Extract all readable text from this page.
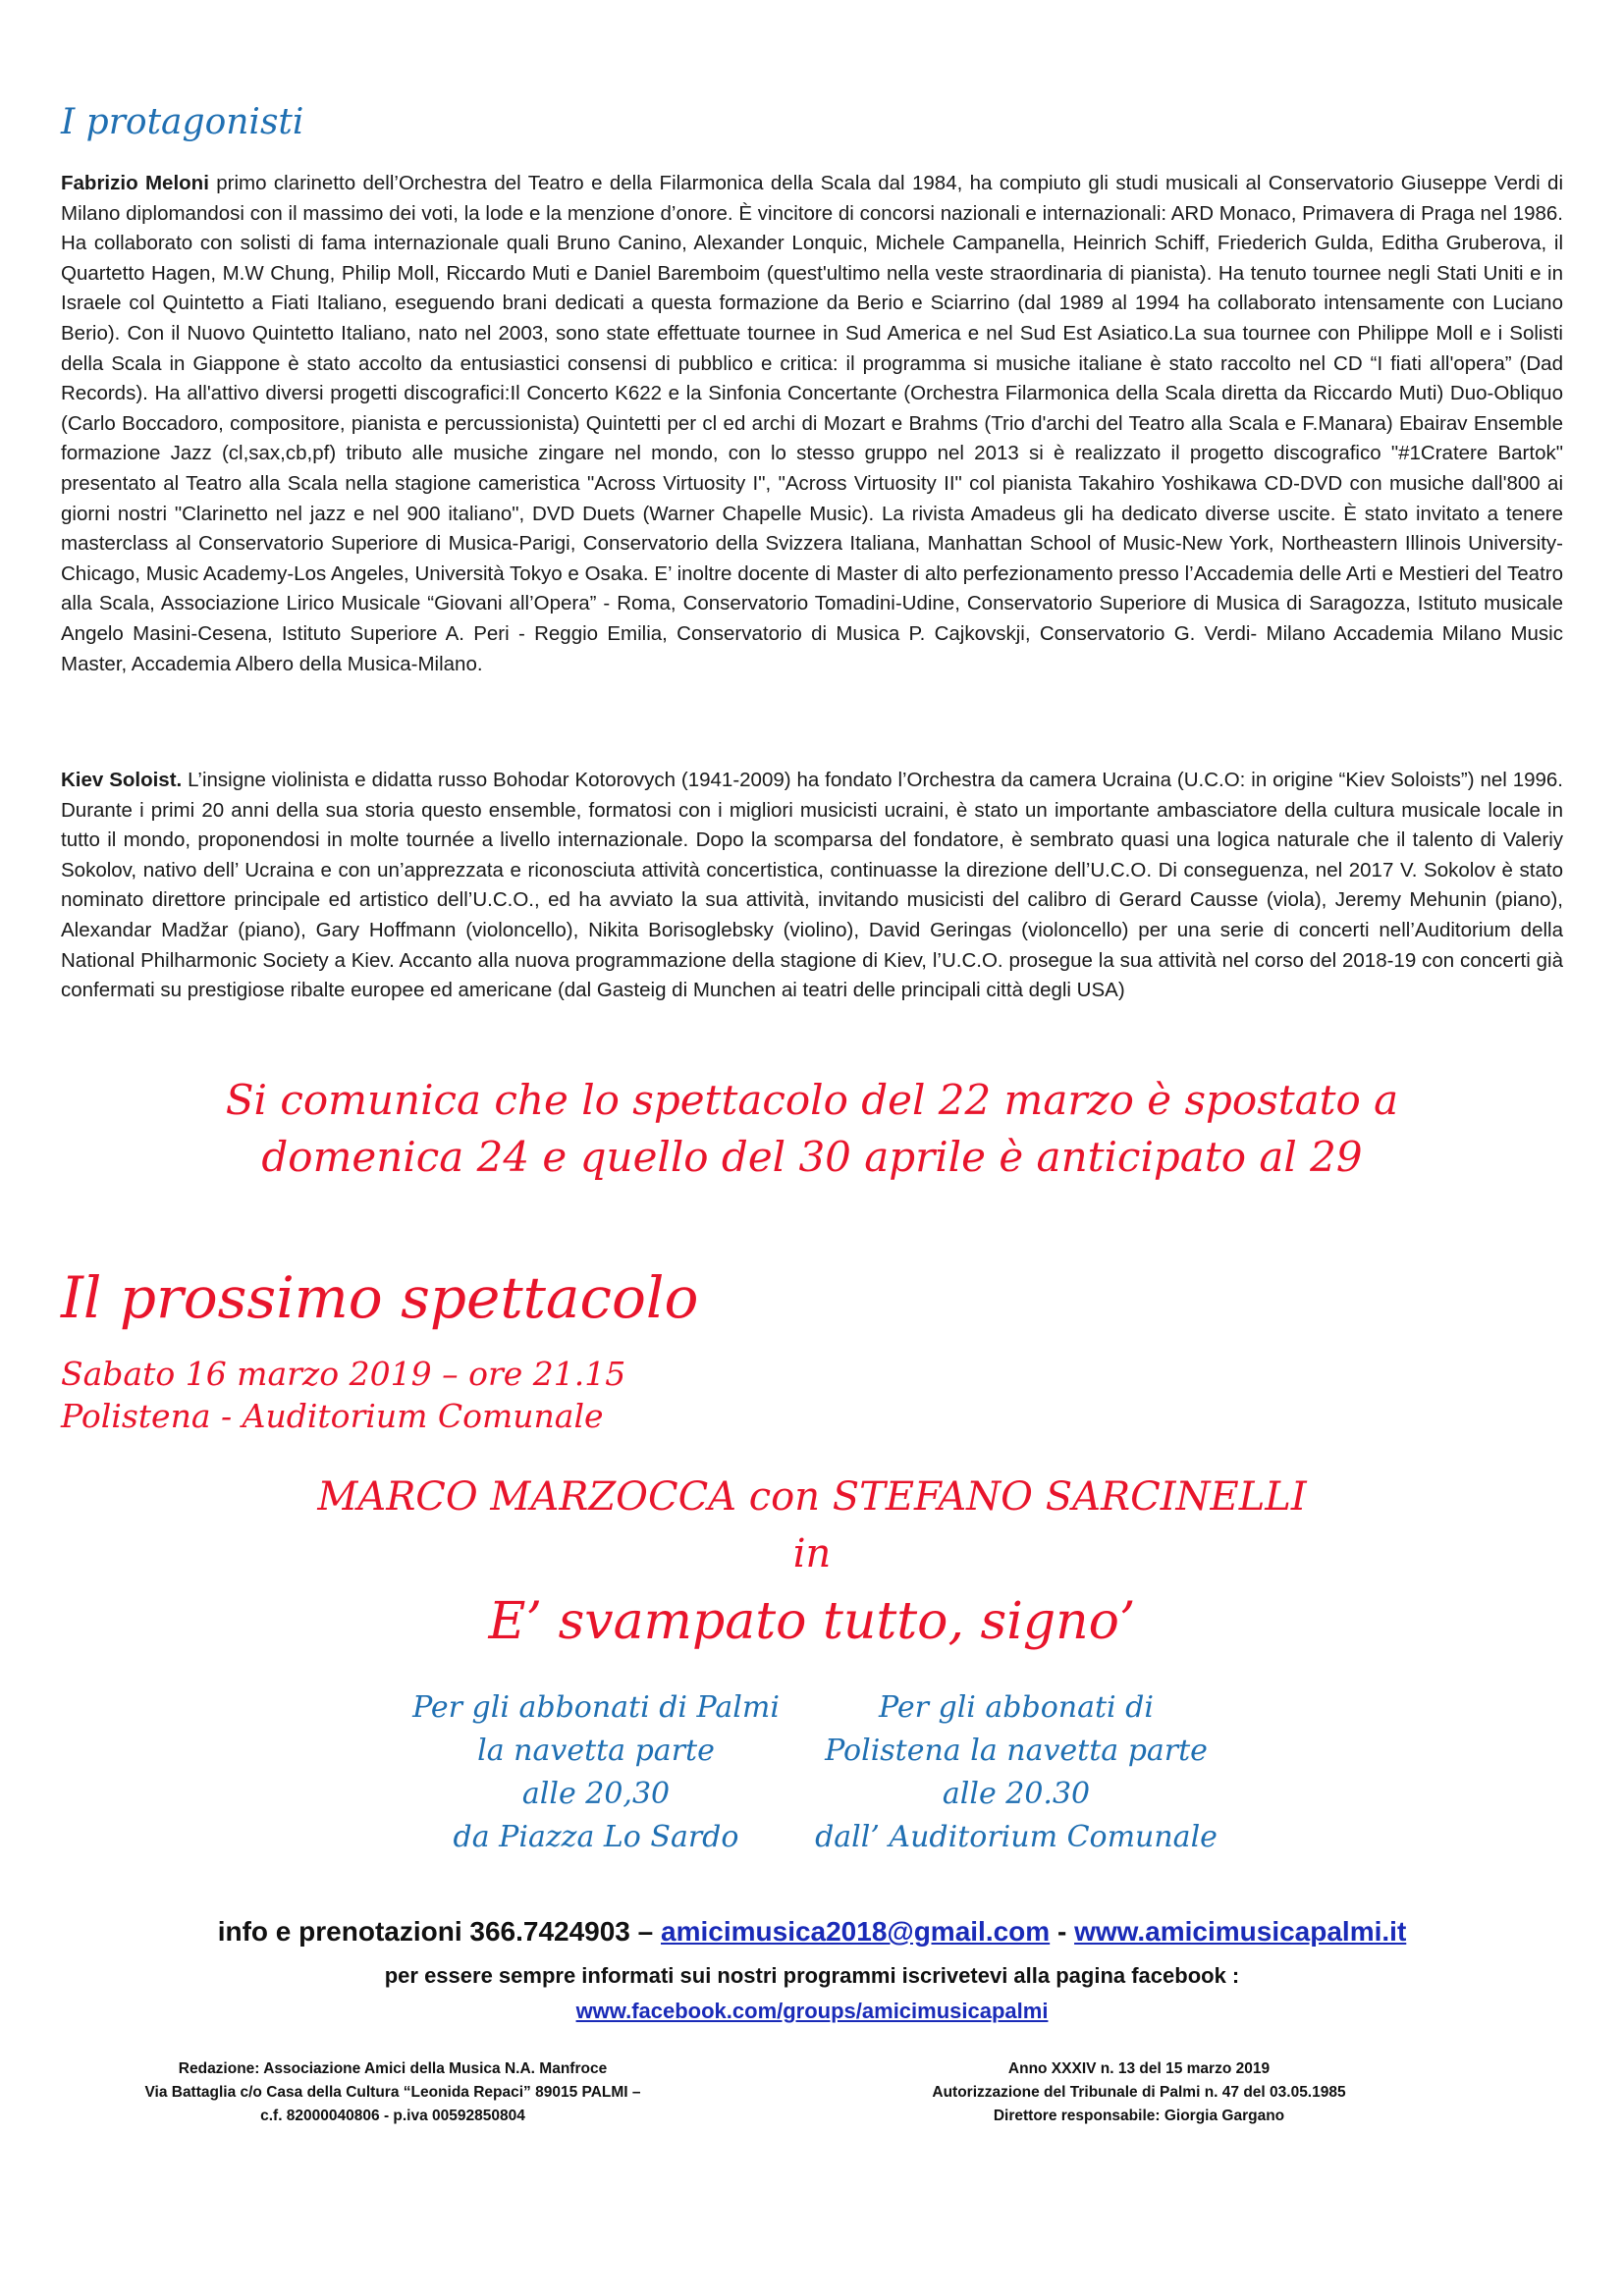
I protagonisti

Fabrizio Meloni primo clarinetto dell’Orchestra del Teatro e della Filarmonica della Scala dal 1984, ha compiuto gli studi musicali al Conservatorio Giuseppe Verdi di Milano diplomandosi con il massimo dei voti, la lode e la menzione d’onore. È vincitore di concorsi nazionali e internazionali: ARD Monaco, Primavera di Praga nel 1986. Ha collaborato con solisti di fama internazionale quali Bruno Canino, Alexander Lonquic, Michele Campanella, Heinrich Schiff, Friederich Gulda, Editha Gruberova, il Quartetto Hagen, M.W Chung, Philip Moll, Riccardo Muti e Daniel Baremboim (quest'ultimo nella veste straordinaria di pianista). Ha tenuto tournee negli Stati Uniti e in Israele col Quintetto a Fiati Italiano, eseguendo brani dedicati a questa formazione da Berio e Sciarrino (dal 1989 al 1994 ha collaborato intensamente con Luciano Berio). Con il Nuovo Quintetto Italiano, nato nel 2003, sono state effettuate tournee in Sud America e nel Sud Est Asiatico.La sua tournee con Philippe Moll e i Solisti della Scala in Giappone è stato accolto da entusiastici consensi di pubblico e critica: il programma si musiche italiane è stato raccolto nel CD “I fiati all'opera” (Dad Records). Ha all'attivo diversi progetti discografici:Il Concerto K622 e la Sinfonia Concertante (Orchestra Filarmonica della Scala diretta da Riccardo Muti) Duo-Obliquo (Carlo Boccadoro, compositore, pianista e percussionista) Quintetti per cl ed archi di Mozart e Brahms (Trio d'archi del Teatro alla Scala e F.Manara) Ebairav Ensemble formazione Jazz (cl,sax,cb,pf) tributo alle musiche zingare nel mondo, con lo stesso gruppo nel 2013 si è realizzato il progetto discografico "#1Cratere Bartok" presentato al Teatro alla Scala nella stagione cameristica "Across Virtuosity I", "Across Virtuosity II" col pianista Takahiro Yoshikawa CD-DVD con musiche dall'800 ai giorni nostri "Clarinetto nel jazz e nel 900 italiano", DVD Duets (Warner Chapelle Music). La rivista Amadeus gli ha dedicato diverse uscite. È stato invitato a tenere masterclass al Conservatorio Superiore di Musica-Parigi, Conservatorio della Svizzera Italiana, Manhattan School of Music-New York, Northeastern Illinois University-Chicago, Music Academy-Los Angeles, Università Tokyo e Osaka. E’ inoltre docente di Master di alto perfezionamento presso l’Accademia delle Arti e Mestieri del Teatro alla Scala, Associazione Lirico Musicale “Giovani all’Opera” - Roma, Conservatorio Tomadini-Udine, Conservatorio Superiore di Musica di Saragozza, Istituto musicale Angelo Masini-Cesena, Istituto Superiore A. Peri - Reggio Emilia, Conservatorio di Musica P. Cajkovskji, Conservatorio G. Verdi- Milano Accademia Milano Music Master, Accademia Albero della Musica-Milano.

Kiev Soloist. L’insigne violinista e didatta russo Bohodar Kotorovych (1941-2009) ha fondato l’Orchestra da camera Ucraina (U.C.O: in origine “Kiev Soloists”) nel 1996. Durante i primi 20 anni della sua storia questo ensemble, formatosi con i migliori musicisti ucraini, è stato un importante ambasciatore della cultura musicale locale in tutto il mondo, proponendosi in molte tournée a livello internazionale. Dopo la scomparsa del fondatore, è sembrato quasi una logica naturale che il talento di Valeriy Sokolov, nativo dell’ Ucraina e con un’apprezzata e riconosciuta attività concertistica, continuasse la direzione dell’U.C.O. Di conseguenza, nel 2017 V. Sokolov è stato nominato direttore principale ed artistico dell’U.C.O., ed ha avviato la sua attività, invitando musicisti del calibro di Gerard Causse (viola), Jeremy Mehunin (piano), Alexandar Madžar (piano), Gary Hoffmann (violoncello), Nikita Borisoglebsky (violino), David Geringas (violoncello) per una serie di concerti nell’Auditorium della National Philharmonic Society a Kiev. Accanto alla nuova programmazione della stagione di Kiev, l’U.C.O. prosegue la sua attività nel corso del 2018-19 con concerti già confermati su prestigiose ribalte europee ed americane (dal Gasteig di Munchen ai teatri delle principali città degli USA)

Si comunica che lo spettacolo del 22 marzo è spostato a
domenica 24 e quello del 30 aprile è anticipato al 29
Il prossimo spettacolo
Sabato 16 marzo 2019 – ore 21.15
Polistena - Auditorium Comunale
MARCO MARZOCCA con STEFANO SARCINELLI
in
E’ svampato tutto, signo’
Per gli abbonati di Palmi
la navetta parte
alle 20,30
da Piazza Lo Sardo
Per gli abbonati di
Polistena la navetta parte
alle 20.30
dall’ Auditorium Comunale
info e prenotazioni 366.7424903 – amicimusica2018@gmail.com - www.amicimusicapalmi.it
per essere sempre informati sui nostri programmi iscrivetevi alla pagina facebook :
www.facebook.com/groups/amicimusicapalmi
Redazione: Associazione Amici della Musica N.A. Manfroce
Via Battaglia c/o Casa della Cultura “Leonida Repaci” 89015 PALMI –
c.f. 82000040806 - p.iva 00592850804
Anno XXXIV n. 13 del 15 marzo 2019
Autorizzazione del Tribunale di Palmi n. 47 del 03.05.1985
Direttore responsabile: Giorgia Gargano
